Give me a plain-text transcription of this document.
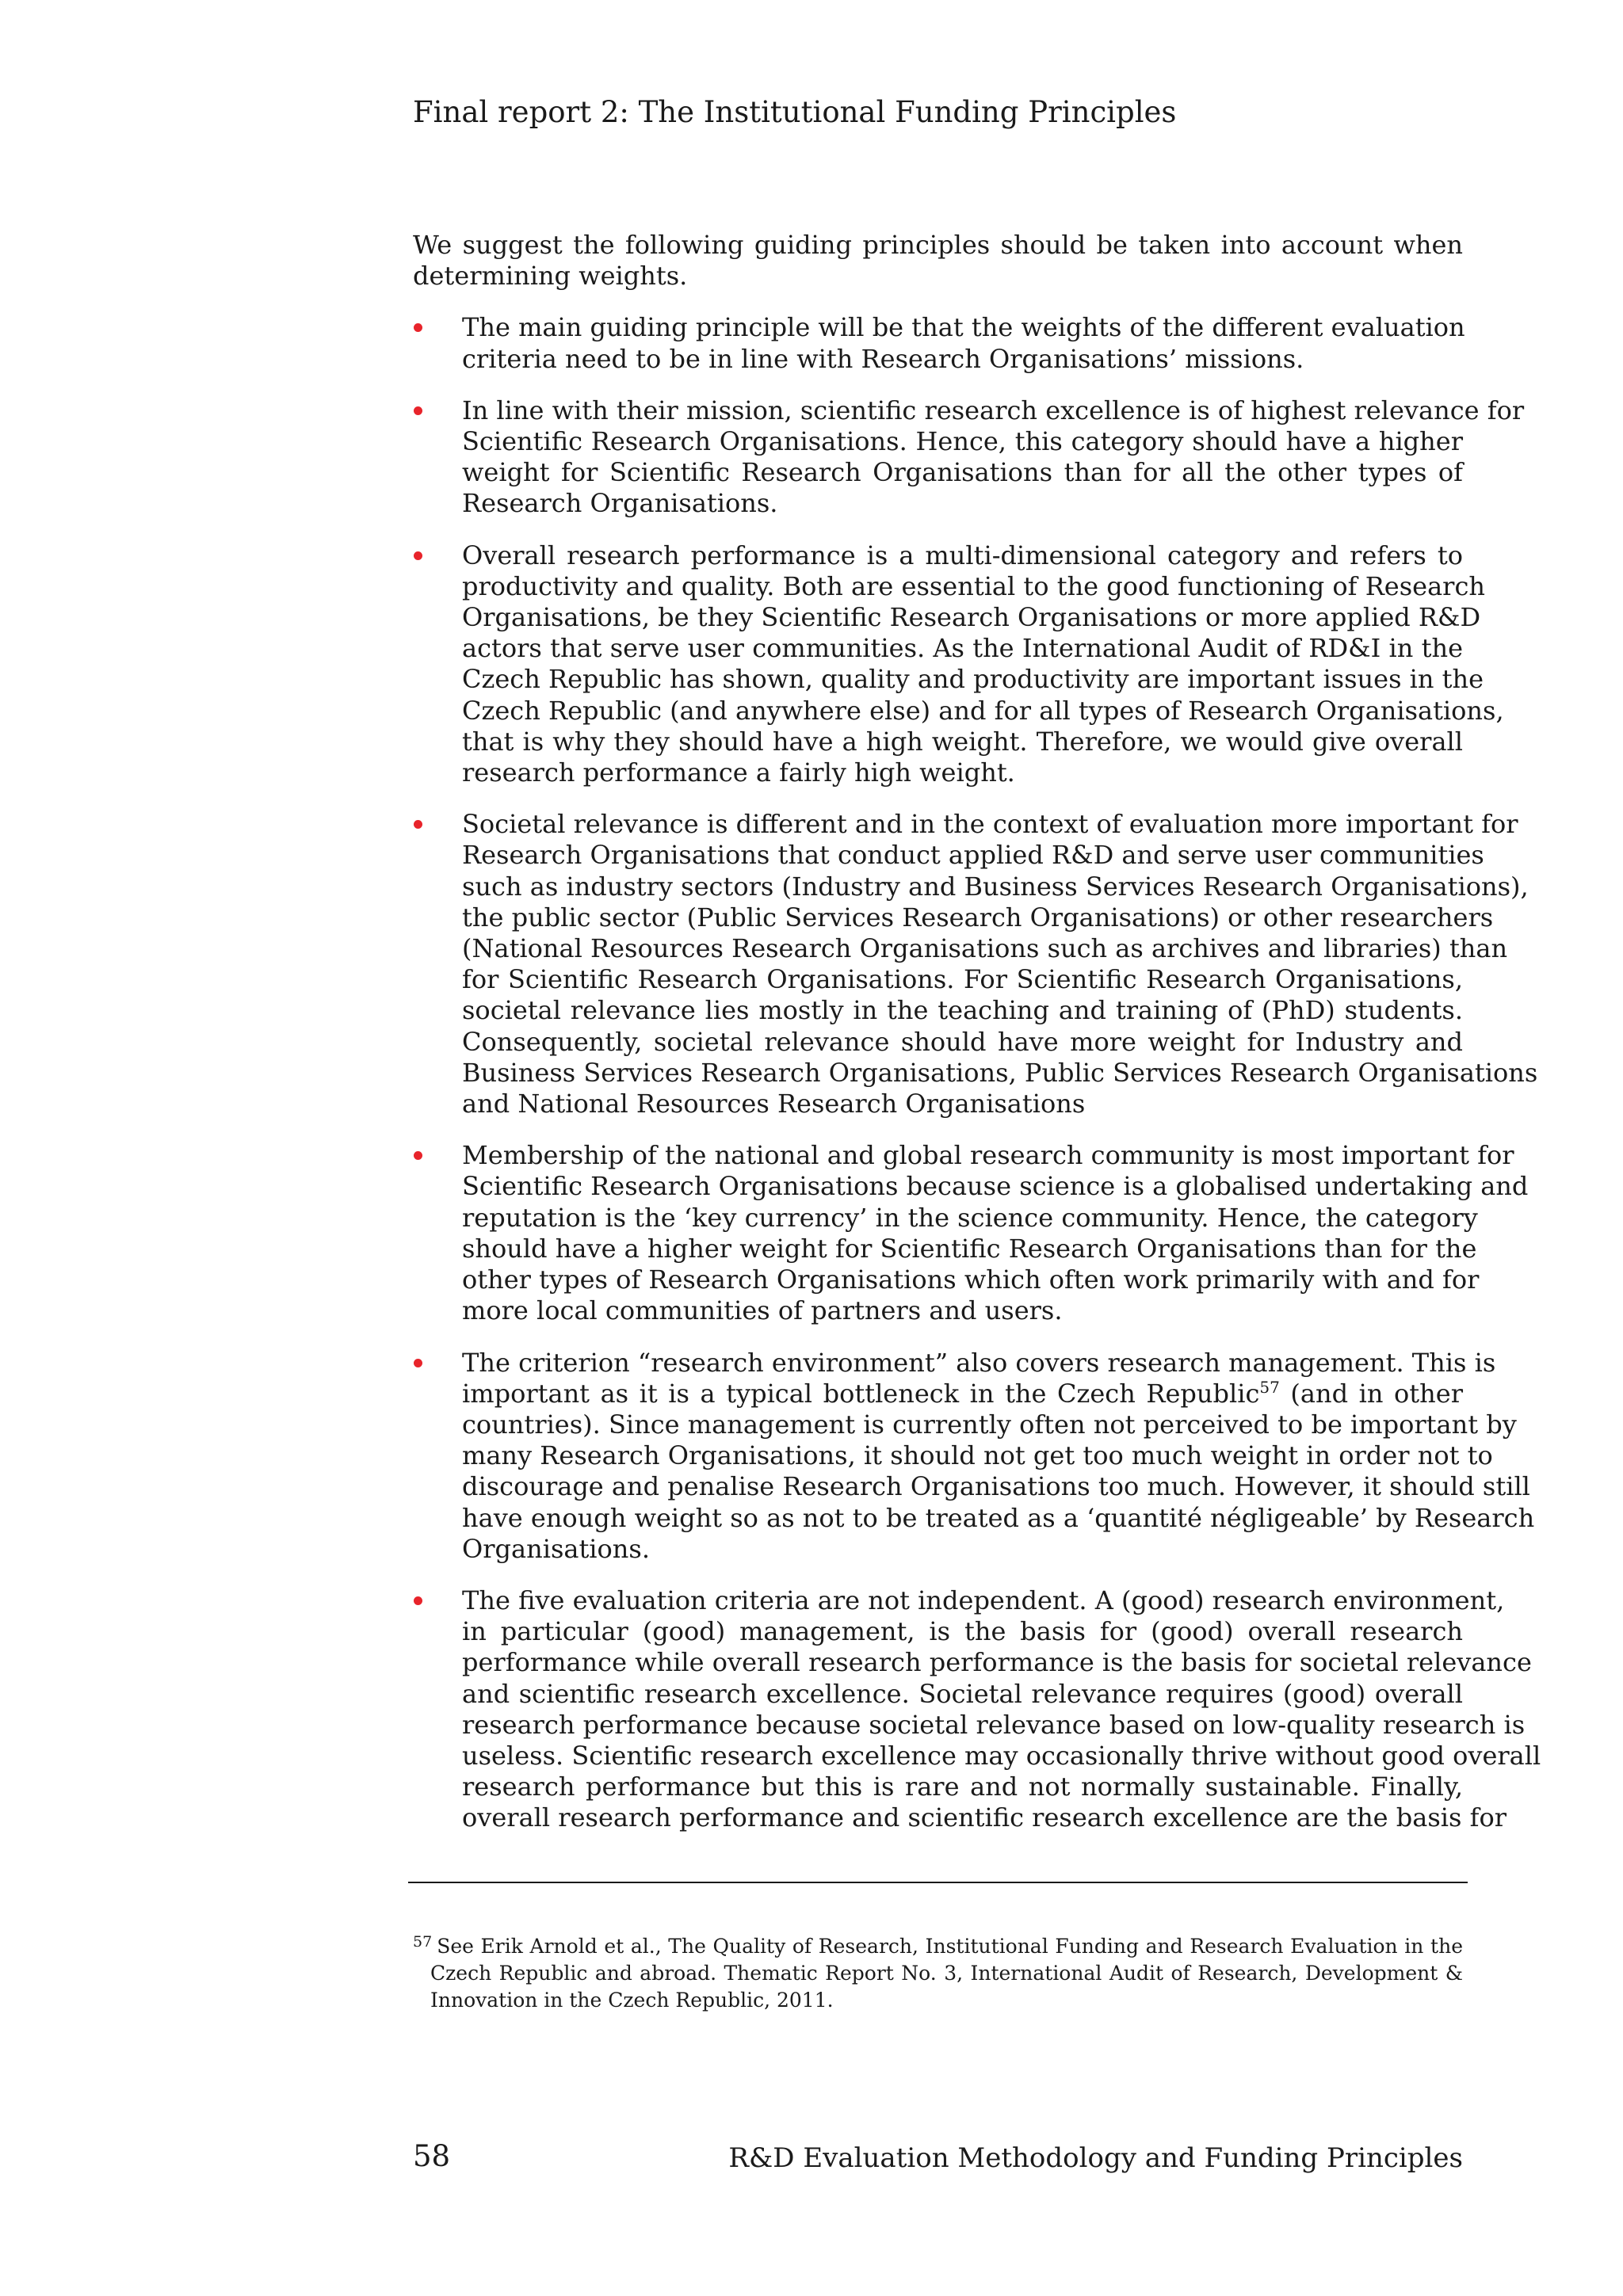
Final report 2: The Institutional Funding Principles

We suggest the following guiding principles should be taken into account when determining weights.

The main guiding principle will be that the weights of the different evaluation
criteria need to be in line with Research Organisations’ missions.
In line with their mission, scientific research excellence is of highest relevance for
Scientific Research Organisations. Hence, this category should have a higher
weight for Scientific Research Organisations than for all the other types of
Research Organisations.
Overall research performance is a multi-dimensional category and refers to
productivity and quality. Both are essential to the good functioning of Research
Organisations, be they Scientific Research Organisations or more applied R&D
actors that serve user communities. As the International Audit of RD&I in the
Czech Republic has shown, quality and productivity are important issues in the
Czech Republic (and anywhere else) and for all types of Research Organisations,
that is why they should have a high weight. Therefore, we would give overall
research performance a fairly high weight.
Societal relevance is different and in the context of evaluation more important for
Research Organisations that conduct applied R&D and serve user communities
such as industry sectors (Industry and Business Services Research Organisations),
the public sector (Public Services Research Organisations) or other researchers
(National Resources Research Organisations such as archives and libraries) than
for Scientific Research Organisations. For Scientific Research Organisations,
societal relevance lies mostly in the teaching and training of (PhD) students.
Consequently, societal relevance should have more weight for Industry and
Business Services Research Organisations, Public Services Research Organisations
and National Resources Research Organisations
Membership of the national and global research community is most important for
Scientific Research Organisations because science is a globalised undertaking and
reputation is the ‘key currency’ in the science community. Hence, the category
should have a higher weight for Scientific Research Organisations than for the
other types of Research Organisations which often work primarily with and for
more local communities of partners and users.
The criterion “research environment” also covers research management. This is
important as it is a typical bottleneck in the Czech Republic$^{57}$ (and in other
countries). Since management is currently often not perceived to be important by
many Research Organisations, it should not get too much weight in order not to
discourage and penalise Research Organisations too much. However, it should still
have enough weight so as not to be treated as a ‘quantité négligeable’ by Research
Organisations.
The five evaluation criteria are not independent. A (good) research environment,
in particular (good) management, is the basis for (good) overall research
performance while overall research performance is the basis for societal relevance
and scientific research excellence. Societal relevance requires (good) overall
research performance because societal relevance based on low-quality research is
useless. Scientific research excellence may occasionally thrive without good overall
research performance but this is rare and not normally sustainable. Finally,
overall research performance and scientific research excellence are the basis for
$^{57}$ See Erik Arnold et al., The Quality of Research, Institutional Funding and Research Evaluation in the
Czech Republic and abroad. Thematic Report No. 3, International Audit of Research, Development &
Innovation in the Czech Republic, 2011.
58	R&D Evaluation Methodology and Funding Principles
